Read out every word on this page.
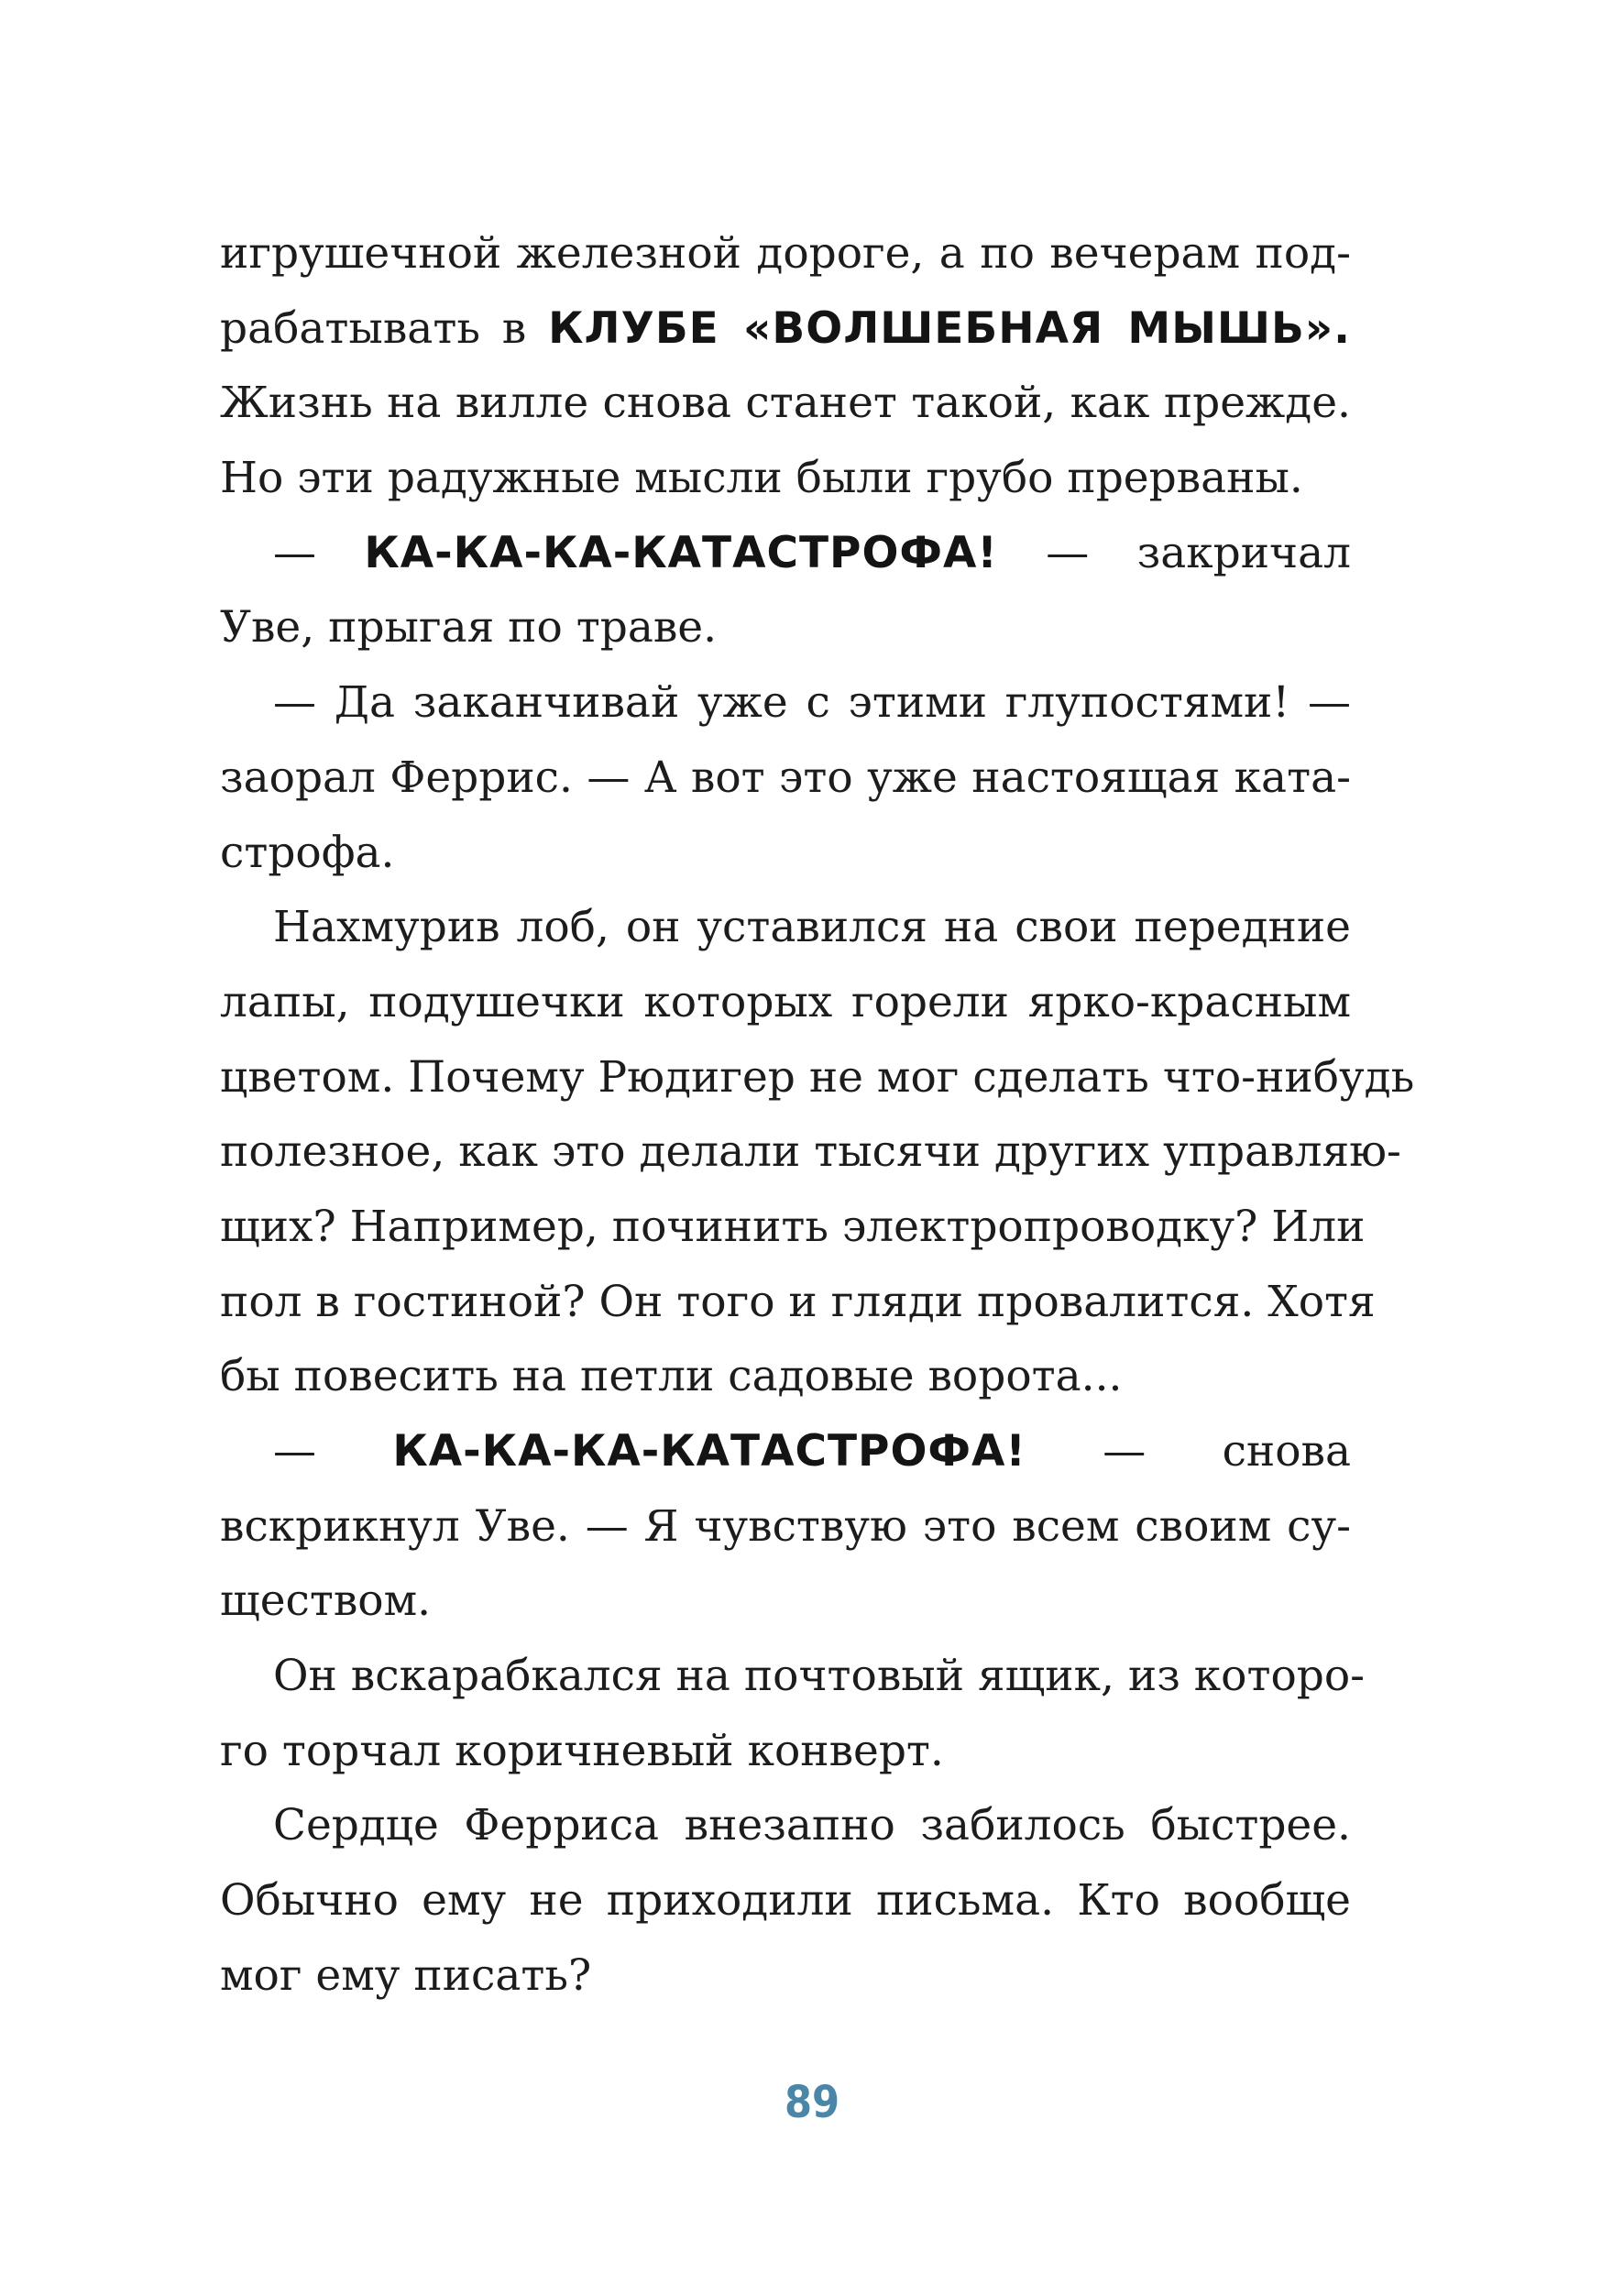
игрушечной железной дороге, а по вечерам под-
рабатывать в КЛУБЕ «ВОЛШЕБНАЯ МЫШЬ».
Жизнь на вилле снова станет такой, как прежде.
Но эти радужные мысли были грубо прерваны.
— КА-КА-КА-КАТАСТРОФА! — закричал
Уве, прыгая по траве.
— Да заканчивай уже с этими глупостями! —
заорал Феррис. — А вот это уже настоящая ката-
строфа.
Нахмурив лоб, он уставился на свои передние
лапы, подушечки которых горели ярко-красным
цветом. Почему Рюдигер не мог сделать что-нибудь
полезное, как это делали тысячи других управляю-
щих? Например, починить электропроводку? Или
пол в гостиной? Он того и гляди провалится. Хотя
бы повесить на петли садовые ворота...
— КА-КА-КА-КАТАСТРОФА! — снова
вскрикнул Уве. — Я чувствую это всем своим су-
ществом.
Он вскарабкался на почтовый ящик, из которо-
го торчал коричневый конверт.
Сердце Ферриса внезапно забилось быстрее.
Обычно ему не приходили письма. Кто вообще
мог ему писать?
89
